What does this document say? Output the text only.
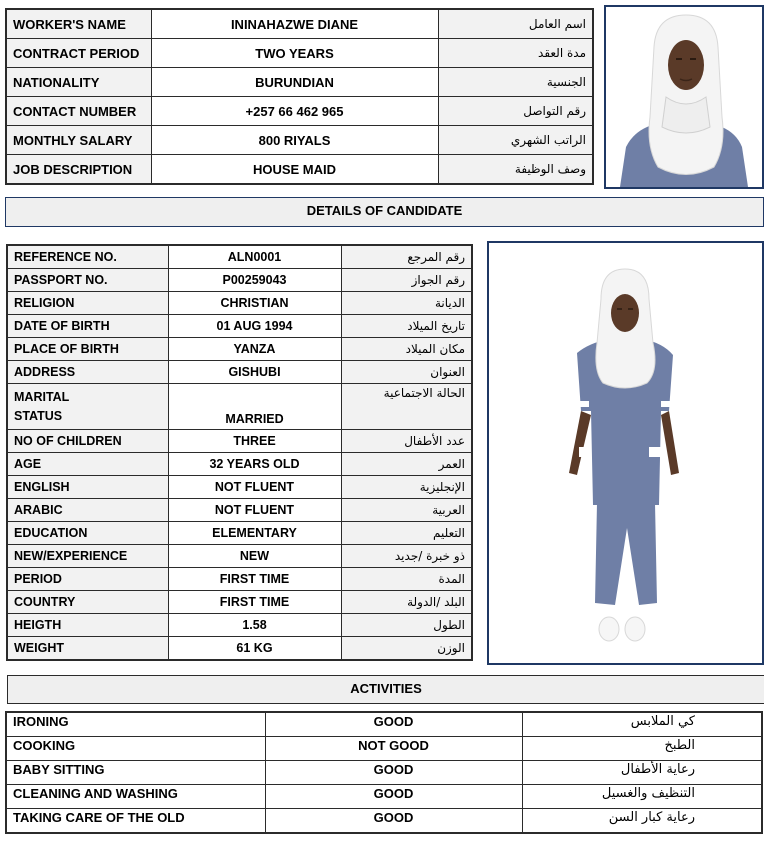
WORKER'S NAME	ININAHAZWE DIANE	اسم العامل
CONTRACT PERIOD	TWO YEARS	مدة العقد
NATIONALITY	BURUNDIAN	الجنسية
CONTACT NUMBER	+257 66 462 965	رقم التواصل
MONTHLY SALARY	800 RIYALS	الراتب الشهري
JOB DESCRIPTION	HOUSE MAID	وصف الوظيفة
DETAILS OF CANDIDATE
REFERENCE NO.	ALN0001	رقم المرجع
PASSPORT NO.	P00259043	رقم الجواز
RELIGION	CHRISTIAN	الديانة
DATE OF BIRTH	01 AUG 1994	تاريخ الميلاد
PLACE OF BIRTH	YANZA	مكان الميلاد
ADDRESS	GISHUBI	العنوان
MARITAL
STATUS	MARRIED	الحالة الاجتماعية
NO OF CHILDREN	THREE	عدد الأطفال
AGE	32 YEARS OLD	العمر
ENGLISH	NOT FLUENT	الإنجليزية
ARABIC	NOT FLUENT	العربية
EDUCATION	ELEMENTARY	التعليم
NEW/EXPERIENCE	NEW	ذو خبرة /جديد
PERIOD	FIRST TIME	المدة
COUNTRY	FIRST TIME	البلد /الدولة
HEIGTH	1.58	الطول
WEIGHT	61 KG	الوزن
ACTIVITIES
IRONING	GOOD	كي الملابس
COOKING	NOT GOOD	الطبخ
BABY SITTING	GOOD	رعاية الأطفال
CLEANING AND WASHING	GOOD	التنظيف والغسيل
TAKING CARE OF THE OLD	GOOD	رعاية كبار السن
